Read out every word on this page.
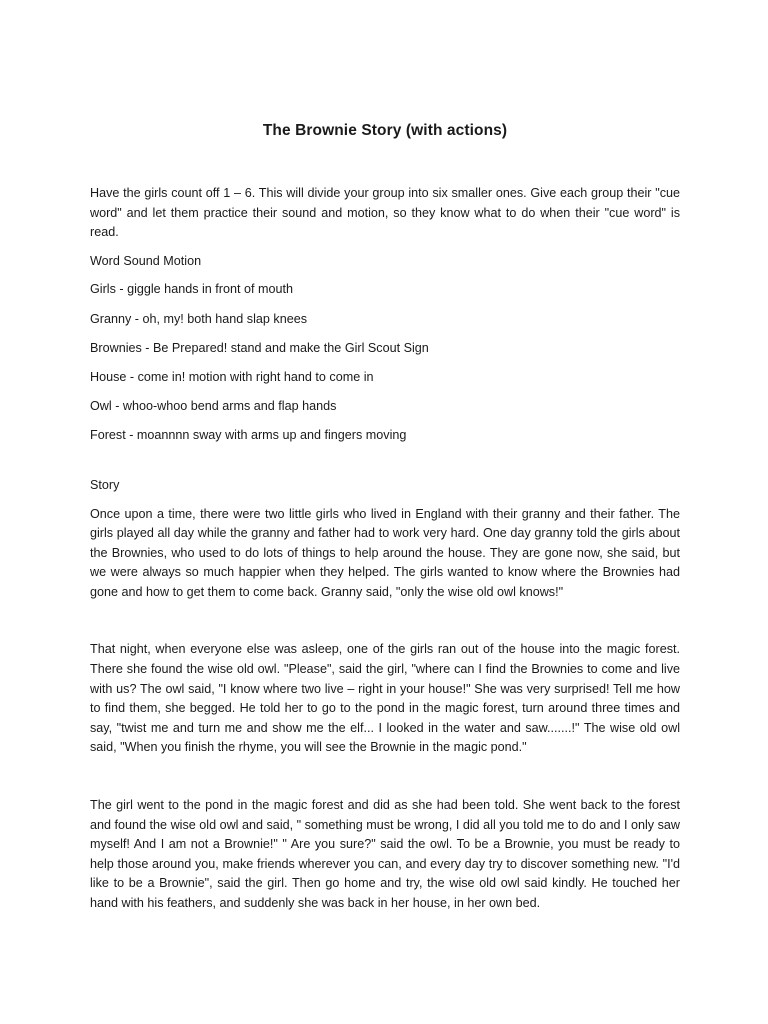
The Brownie Story (with actions)

Have the girls count off 1 – 6. This will divide your group into six smaller ones. Give each group their "cue word" and let them practice their sound and motion, so they know what to do when their "cue word" is read.

Word Sound Motion

Girls - giggle hands in front of mouth

Granny - oh, my! both hand slap knees

Brownies - Be Prepared! stand and make the Girl Scout Sign

House - come in! motion with right hand to come in

Owl - whoo-whoo bend arms and flap hands

Forest - moannnn sway with arms up and fingers moving

Story

Once upon a time, there were two little girls who lived in England with their granny and their father. The girls played all day while the granny and father had to work very hard. One day granny told the girls about the Brownies, who used to do lots of things to help around the house. They are gone now, she said, but we were always so much happier when they helped. The girls wanted to know where the Brownies had gone and how to get them to come back. Granny said, "only the wise old owl knows!"

That night, when everyone else was asleep, one of the girls ran out of the house into the magic forest. There she found the wise old owl. "Please", said the girl, "where can I find the Brownies to come and live with us? The owl said, "I know where two live – right in your house!" She was very surprised! Tell me how to find them, she begged. He told her to go to the pond in the magic forest, turn around three times and say, "twist me and turn me and show me the elf... I looked in the water and saw.......!" The wise old owl said, "When you finish the rhyme, you will see the Brownie in the magic pond."

The girl went to the pond in the magic forest and did as she had been told. She went back to the forest and found the wise old owl and said, " something must be wrong, I did all you told me to do and I only saw myself! And I am not a Brownie!" " Are you sure?" said the owl. To be a Brownie, you must be ready to help those around you, make friends wherever you can, and every day try to discover something new. "I'd like to be a Brownie", said the girl. Then go home and try, the wise old owl said kindly. He touched her hand with his feathers, and suddenly she was back in her house, in her own bed.
